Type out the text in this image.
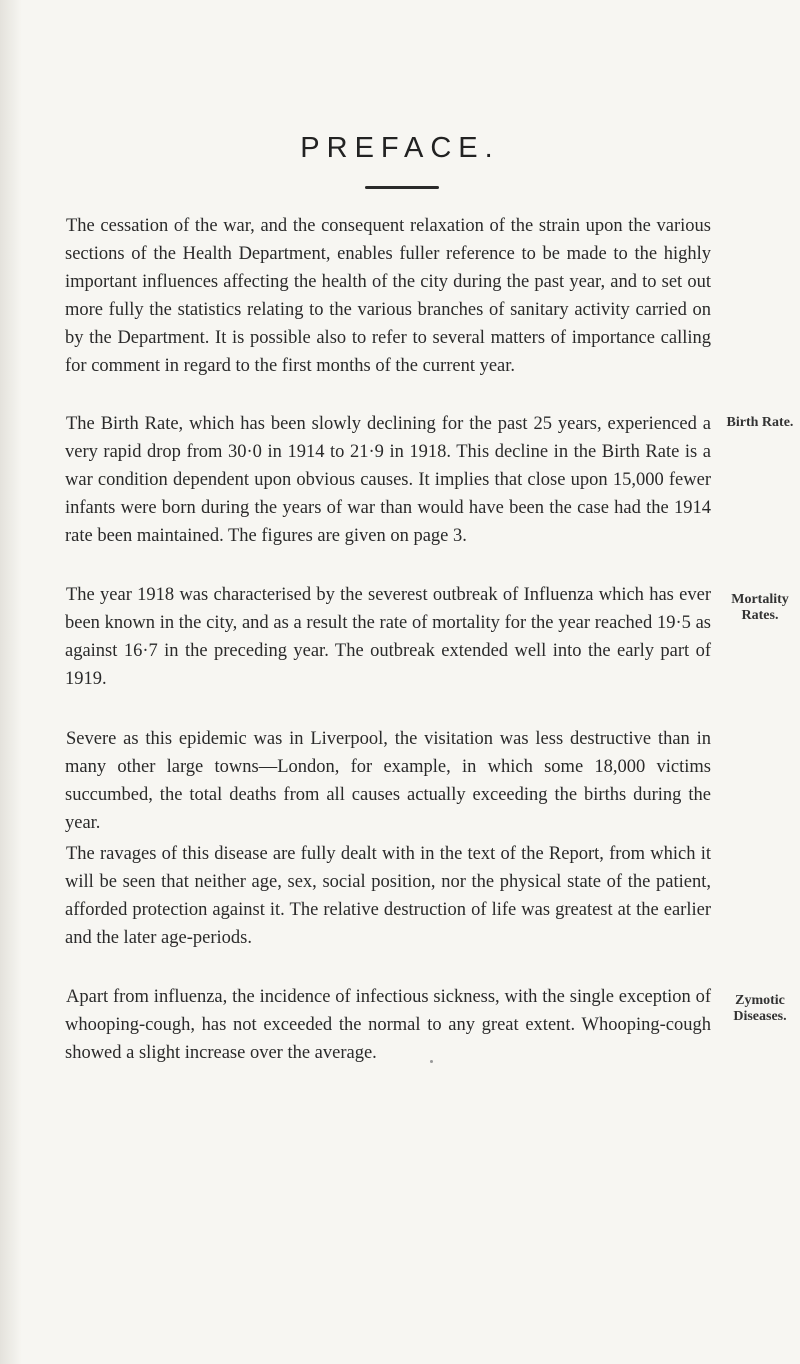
PREFACE.

The cessation of the war, and the consequent relaxation of the strain upon the various sections of the Health Department, enables fuller reference to be made to the highly important influences affecting the health of the city during the past year, and to set out more fully the statistics relating to the various branches of sanitary activity carried on by the Department. It is possible also to refer to several matters of importance calling for comment in regard to the first months of the current year.

The Birth Rate, which has been slowly declining for the past 25 years, experienced a very rapid drop from 30·0 in 1914 to 21·9 in 1918. This decline in the Birth Rate is a war condition dependent upon obvious causes. It implies that close upon 15,000 fewer infants were born during the years of war than would have been the case had the 1914 rate been maintained. The figures are given on page 3.

Birth Rate.

The year 1918 was characterised by the severest outbreak of Influenza which has ever been known in the city, and as a result the rate of mortality for the year reached 19·5 as against 16·7 in the preceding year. The outbreak extended well into the early part of 1919.

Mortality Rates.

Severe as this epidemic was in Liverpool, the visitation was less destructive than in many other large towns—London, for example, in which some 18,000 victims succumbed, the total deaths from all causes actually exceeding the births during the year.

The ravages of this disease are fully dealt with in the text of the Report, from which it will be seen that neither age, sex, social position, nor the physical state of the patient, afforded protection against it. The relative destruction of life was greatest at the earlier and the later age-periods.

Apart from influenza, the incidence of infectious sickness, with the single exception of whooping-cough, has not exceeded the normal to any great extent. Whooping-cough showed a slight increase over the average.

Zymotic Diseases.
